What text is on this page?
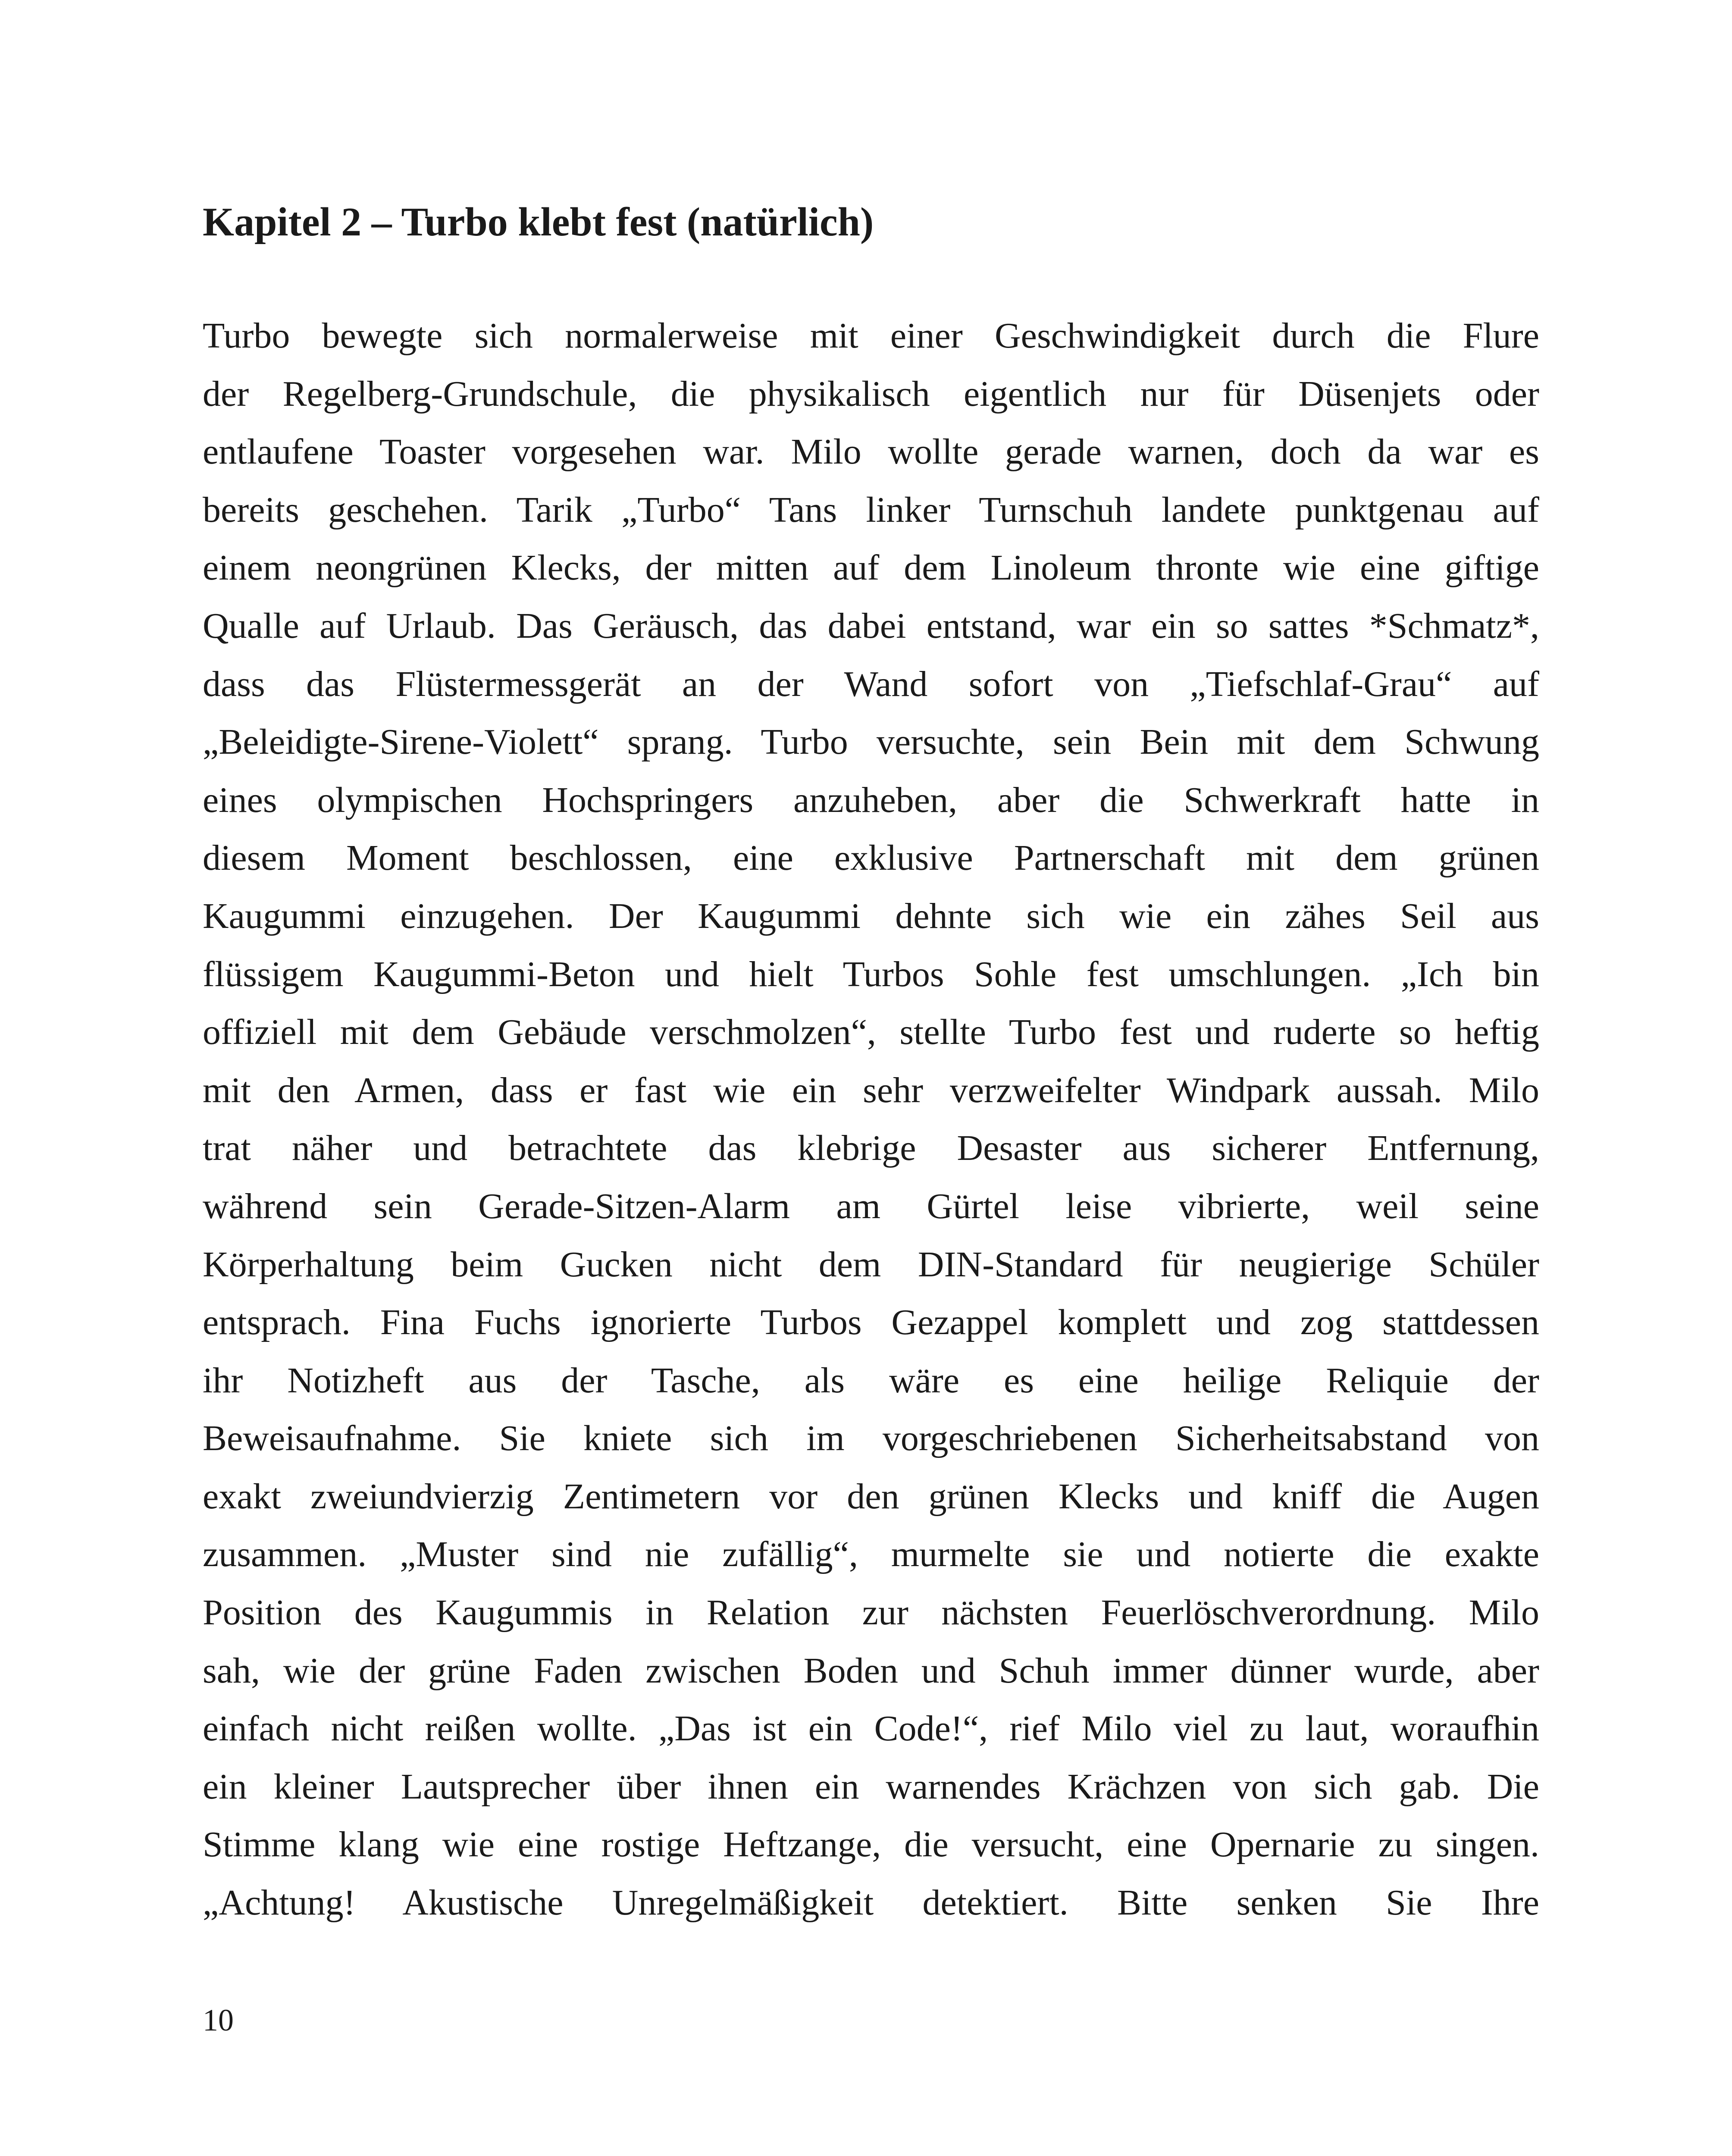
Kapitel 2 – Turbo klebt fest (natürlich)
Turbo bewegte sich normalerweise mit einer Geschwindigkeit durch die Flure
der Regelberg-Grundschule, die physikalisch eigentlich nur für Düsenjets oder
entlaufene Toaster vorgesehen war. Milo wollte gerade warnen, doch da war es
bereits geschehen. Tarik „Turbo“ Tans linker Turnschuh landete punktgenau auf
einem neongrünen Klecks, der mitten auf dem Linoleum thronte wie eine giftige
Qualle auf Urlaub. Das Geräusch, das dabei entstand, war ein so sattes *Schmatz*,
dass das Flüstermessgerät an der Wand sofort von „Tiefschlaf-Grau“ auf
„Beleidigte-Sirene-Violett“ sprang. Turbo versuchte, sein Bein mit dem Schwung
eines olympischen Hochspringers anzuheben, aber die Schwerkraft hatte in
diesem Moment beschlossen, eine exklusive Partnerschaft mit dem grünen
Kaugummi einzugehen. Der Kaugummi dehnte sich wie ein zähes Seil aus
flüssigem Kaugummi-Beton und hielt Turbos Sohle fest umschlungen. „Ich bin
offiziell mit dem Gebäude verschmolzen“, stellte Turbo fest und ruderte so heftig
mit den Armen, dass er fast wie ein sehr verzweifelter Windpark aussah. Milo
trat näher und betrachtete das klebrige Desaster aus sicherer Entfernung,
während sein Gerade-Sitzen-Alarm am Gürtel leise vibrierte, weil seine
Körperhaltung beim Gucken nicht dem DIN-Standard für neugierige Schüler
entsprach. Fina Fuchs ignorierte Turbos Gezappel komplett und zog stattdessen
ihr Notizheft aus der Tasche, als wäre es eine heilige Reliquie der
Beweisaufnahme. Sie kniete sich im vorgeschriebenen Sicherheitsabstand von
exakt zweiundvierzig Zentimetern vor den grünen Klecks und kniff die Augen
zusammen. „Muster sind nie zufällig“, murmelte sie und notierte die exakte
Position des Kaugummis in Relation zur nächsten Feuerlöschverordnung. Milo
sah, wie der grüne Faden zwischen Boden und Schuh immer dünner wurde, aber
einfach nicht reißen wollte. „Das ist ein Code!“, rief Milo viel zu laut, woraufhin
ein kleiner Lautsprecher über ihnen ein warnendes Krächzen von sich gab. Die
Stimme klang wie eine rostige Heftzange, die versucht, eine Opernarie zu singen.
„Achtung! Akustische Unregelmäßigkeit detektiert. Bitte senken Sie Ihre
10
